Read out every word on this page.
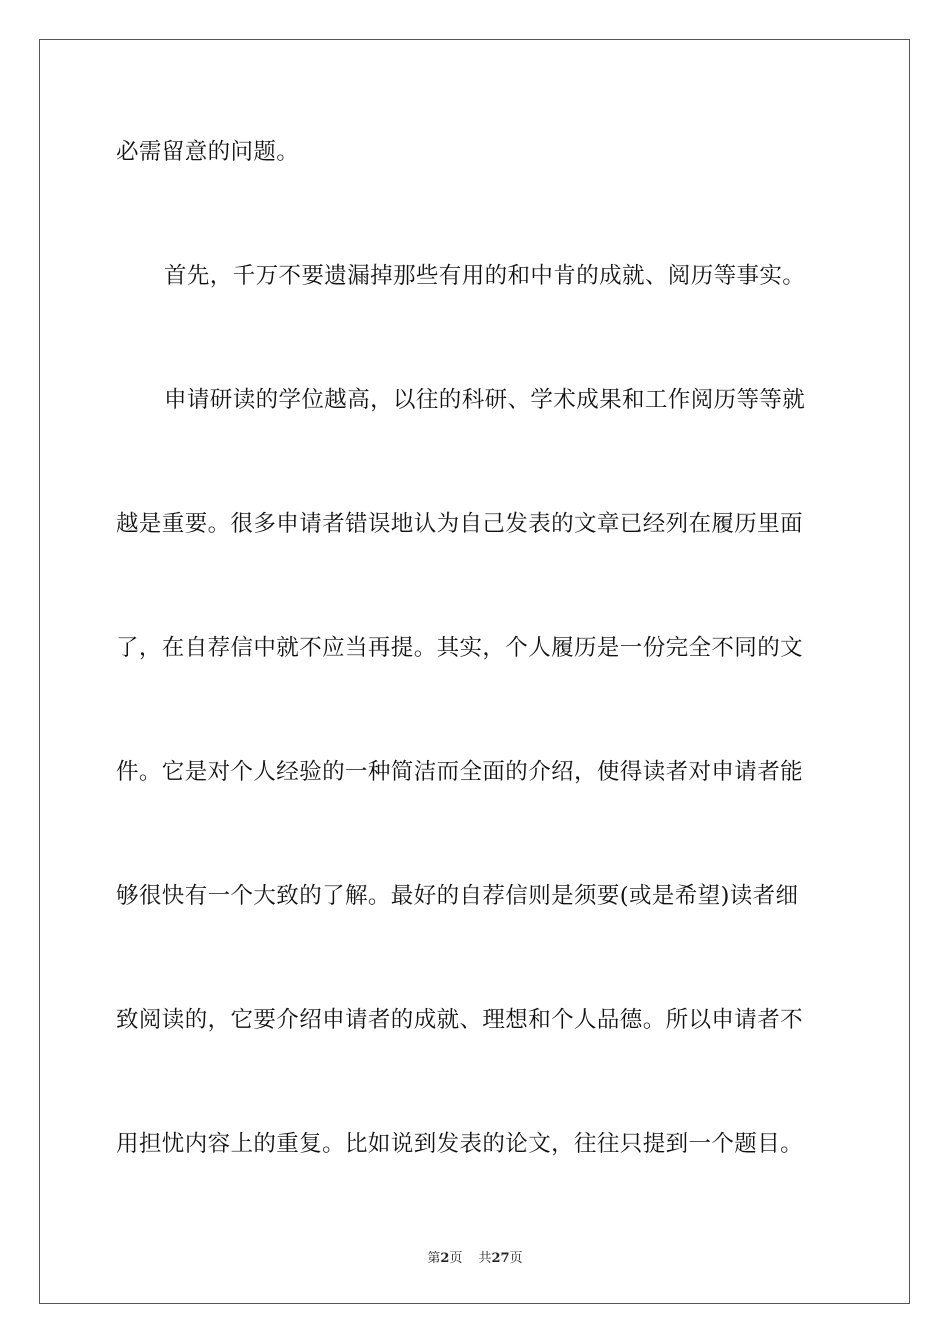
必需留意的问题。
首先，千万不要遗漏掉那些有用的和中肯的成就、阅历等事实。
申请研读的学位越高，以往的科研、学术成果和工作阅历等等就
越是重要。很多申请者错误地认为自己发表的文章已经列在履历里面
了，在自荐信中就不应当再提。其实，个人履历是一份完全不同的文
件。它是对个人经验的一种简洁而全面的介绍，使得读者对申请者能
够很快有一个大致的了解。最好的自荐信则是须要(或是希望)读者细
致阅读的，它要介绍申请者的成就、理想和个人品德。所以申请者不
用担忧内容上的重复。比如说到发表的论文，往往只提到一个题目。
第2页 共27页
